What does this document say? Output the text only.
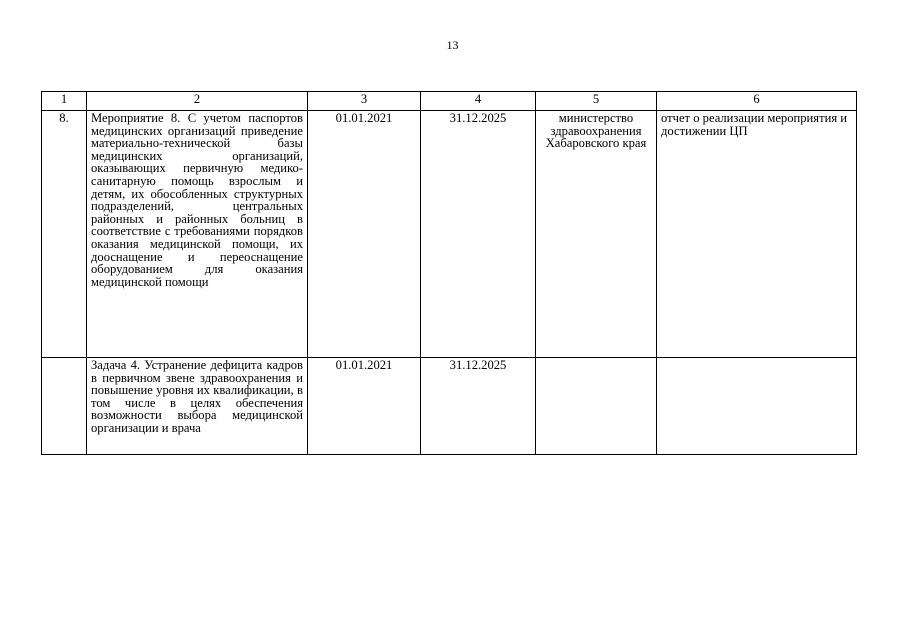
13
1	2	3	4	5	6
8.	Мероприятие 8. С учетом паспортов медицинских организаций приведение материально-технической базы медицинских организаций, оказывающих первичную медико- санитарную помощь взрослым и детям, их обособленных структурных подразделений, центральных районных и районных больниц в соответствие с требованиями порядков оказания медицинской помощи, их дооснащение и переоснащение оборудованием для оказания медицинской помощи	01.01.2021	31.12.2025	министерство здравоохранения Хабаровского края	отчет о реализации мероприятия и достижении ЦП
	Задача 4. Устранение дефицита кадров в первичном звене здравоохранения и повышение уровня их квалификации, в том числе в целях обеспечения возможности выбора медицинской организации и врача	01.01.2021	31.12.2025		
